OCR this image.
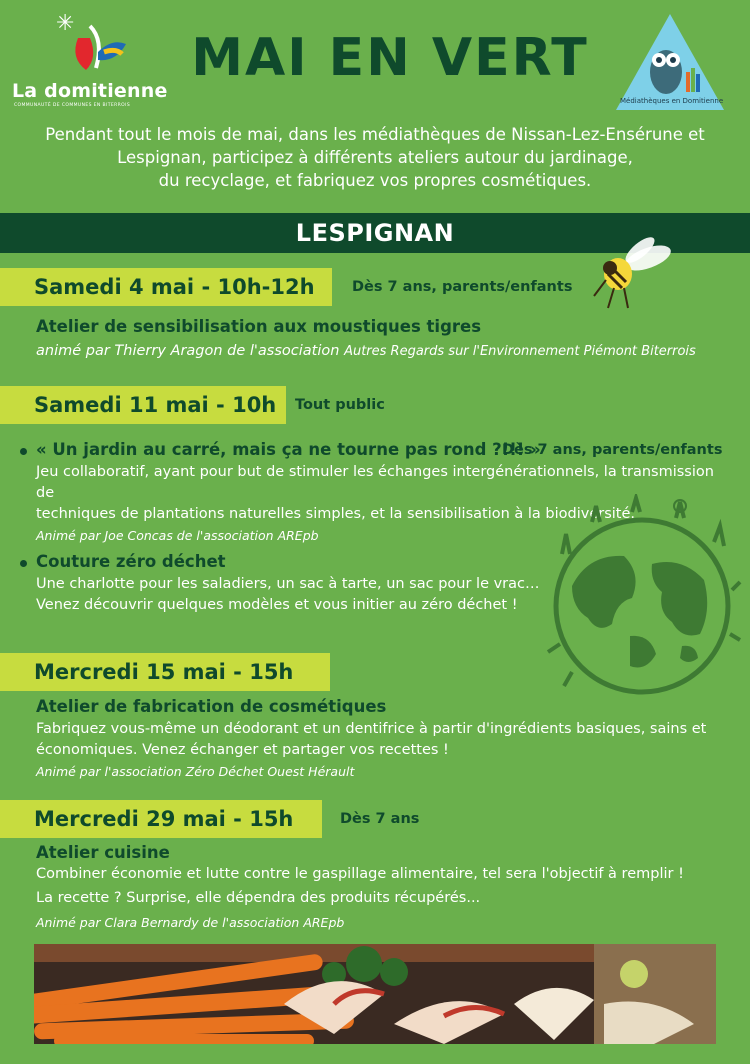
✳
La domitienne
COMMUNAUTÉ DE COMMUNES EN BITERROIS
MAI EN VERT
Médiathèques en Domitienne
Pendant tout le mois de mai, dans les médiathèques de Nissan-Lez-Ensérune et
Lespignan, participez à différents ateliers autour du jardinage,
du recyclage, et fabriquez vos propres cosmétiques.
LESPIGNAN
Samedi 4 mai - 10h-12h	Dès 7 ans, parents/enfants
Atelier de sensibilisation aux moustiques tigres
animé par Thierry Aragon de l'association Autres Regards sur l'Environnement Piémont Biterrois
Samedi 11 mai - 10h	Tout public
« Un jardin au carré, mais ça ne tourne pas rond ?!!! »
Dès 7 ans, parents/enfants
Jeu collaboratif, ayant pour but de stimuler les échanges intergénérationnels, la transmission de
techniques de plantations naturelles simples, et la sensibilisation à la biodiversité.
Animé par Joe Concas de l'association AREpb
Couture zéro déchet
Une charlotte pour les saladiers, un sac à tarte, un sac pour le vrac…
Venez découvrir quelques modèles et vous initier au zéro déchet !
Mercredi 15 mai - 15h
Atelier de fabrication de cosmétiques
Fabriquez vous-même un déodorant et un dentifrice à partir d'ingrédients basiques, sains et
économiques. Venez échanger et partager vos recettes !
Animé par l'association Zéro Déchet Ouest Hérault
Mercredi 29 mai - 15h	Dès 7 ans
Atelier cuisine
Combiner économie et lutte contre le gaspillage alimentaire, tel sera l'objectif à remplir !
La recette ? Surprise, elle dépendra des produits récupérés...
Animé par Clara Bernardy de l'association AREpb
